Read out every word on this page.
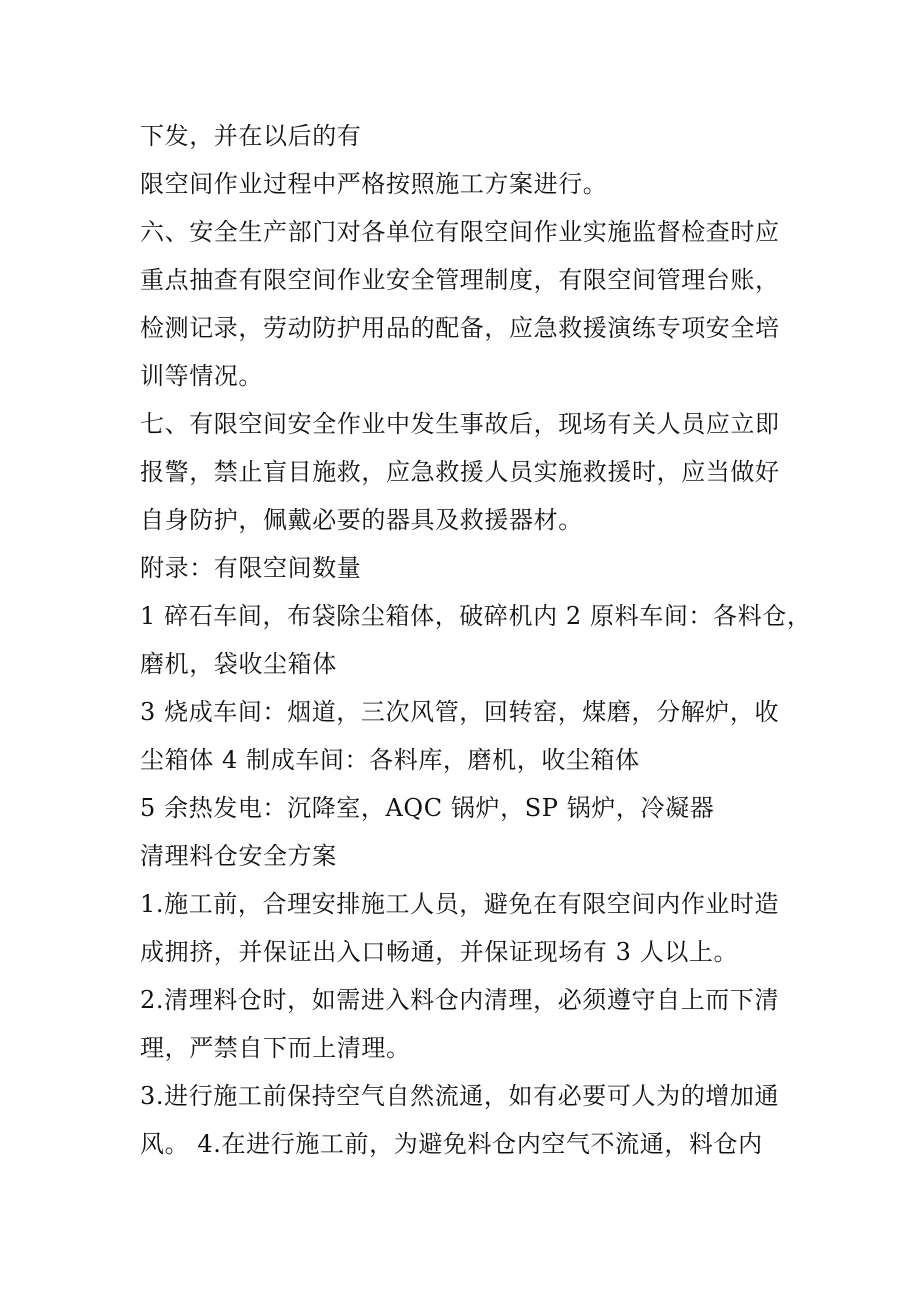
下发，并在以后的有
限空间作业过程中严格按照施工方案进行。
六、安全生产部门对各单位有限空间作业实施监督检查时应
重点抽查有限空间作业安全管理制度，有限空间管理台账，
检测记录，劳动防护用品的配备，应急救援演练专项安全培
训等情况。
七、有限空间安全作业中发生事故后，现场有关人员应立即
报警，禁止盲目施救，应急救援人员实施救援时，应当做好
自身防护，佩戴必要的器具及救援器材。
附录：有限空间数量
1 碎石车间，布袋除尘箱体，破碎机内 2 原料车间：各料仓，
磨机，袋收尘箱体
3 烧成车间：烟道，三次风管，回转窑，煤磨，分解炉，收
尘箱体 4 制成车间：各料库，磨机，收尘箱体
5 余热发电：沉降室，AQC 锅炉，SP 锅炉，冷凝器
清理料仓安全方案
1.施工前，合理安排施工人员，避免在有限空间内作业时造
成拥挤，并保证出入口畅通，并保证现场有 3 人以上。
2.清理料仓时，如需进入料仓内清理，必须遵守自上而下清
理，严禁自下而上清理。
3.进行施工前保持空气自然流通，如有必要可人为的增加通
风。 4.在进行施工前，为避免料仓内空气不流通，料仓内
